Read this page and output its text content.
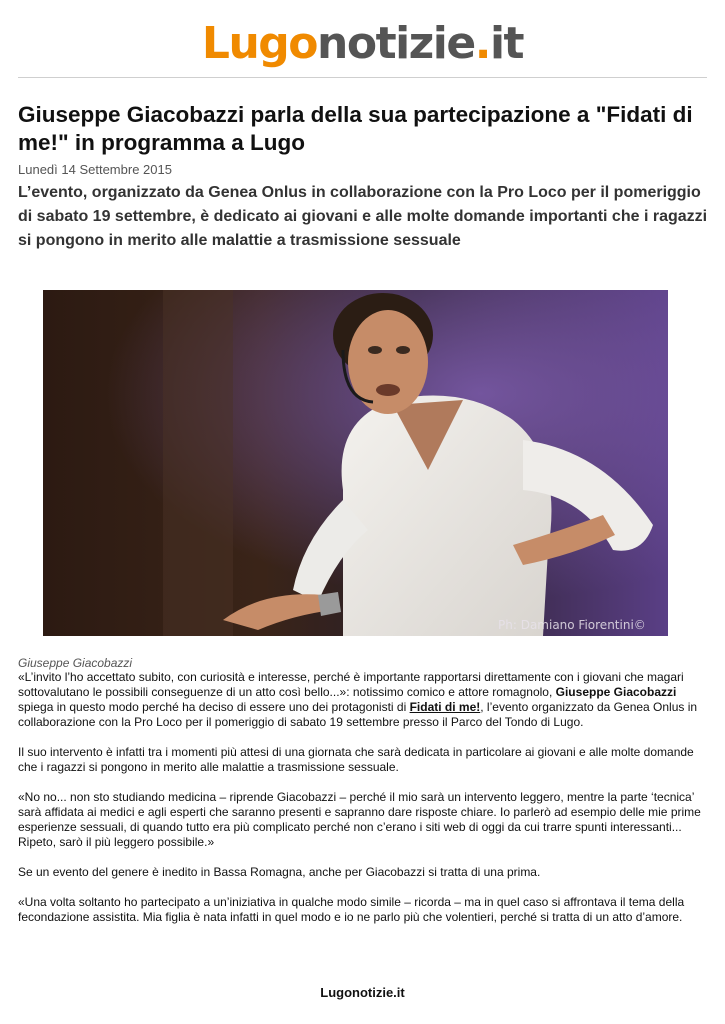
Lugonotizie.it
Giuseppe Giacobazzi parla della sua partecipazione a "Fidati di me!" in programma a Lugo
Lunedì 14 Settembre 2015

L’evento, organizzato da Genea Onlus in collaborazione con la Pro Loco per il pomeriggio di sabato 19 settembre, è dedicato ai giovani e alle molte domande importanti che i ragazzi si pongono in merito alle malattie a trasmissione sessuale

Ph: Damiano Fiorentini©
Giuseppe Giacobazzi

«L’invito l’ho accettato subito, con curiosità e interesse, perché è importante rapportarsi direttamente con i giovani che magari sottovalutano le possibili conseguenze di un atto così bello...»: notissimo comico e attore romagnolo, Giuseppe Giacobazzi spiega in questo modo perché ha deciso di essere uno dei protagonisti di Fidati di me!, l’evento organizzato da Genea Onlus in collaborazione con la Pro Loco per il pomeriggio di sabato 19 settembre presso il Parco del Tondo di Lugo.

Il suo intervento è infatti tra i momenti più attesi di una giornata che sarà dedicata in particolare ai giovani e alle molte domande che i ragazzi si pongono in merito alle malattie a trasmissione sessuale.

«No no... non sto studiando medicina – riprende Giacobazzi – perché il mio sarà un intervento leggero, mentre la parte ‘tecnica’ sarà affidata ai medici e agli esperti che saranno presenti e sapranno dare risposte chiare. Io parlerò ad esempio delle mie prime esperienze sessuali, di quando tutto era più complicato perché non c’erano i siti web di oggi da cui trarre spunti interessanti... Ripeto, sarò il più leggero possibile.»

Se un evento del genere è inedito in Bassa Romagna, anche per Giacobazzi si tratta di una prima.

«Una volta soltanto ho partecipato a un’iniziativa in qualche modo simile – ricorda – ma in quel caso si affrontava il tema della fecondazione assistita. Mia figlia è nata infatti in quel modo e io ne parlo più che volentieri, perché si tratta di un atto d’amore.

Lugonotizie.it
